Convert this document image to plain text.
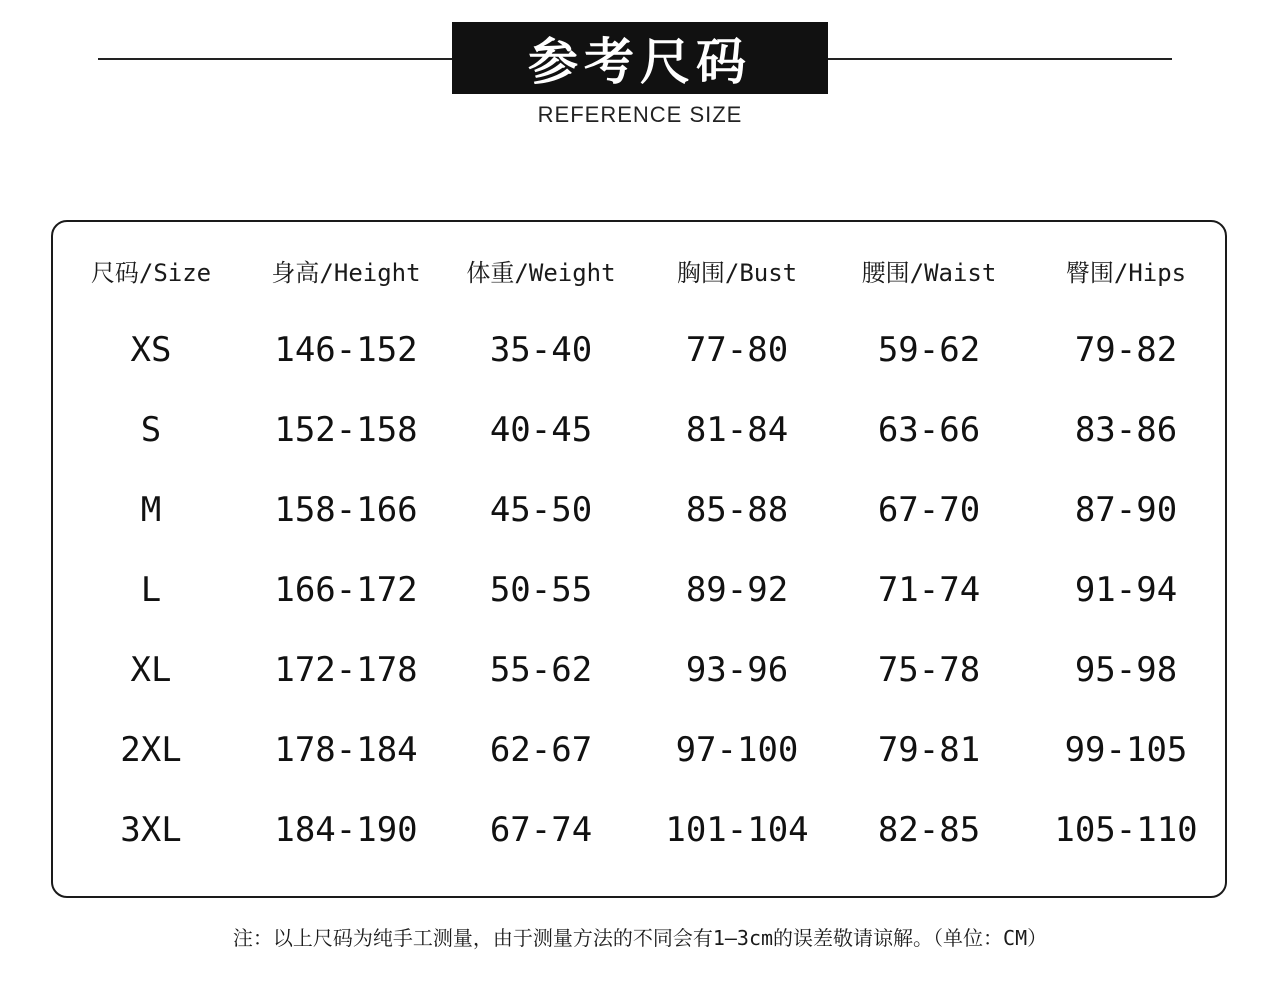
参考尺码
REFERENCE SIZE
尺码/Size	身高/Height	体重/Weight	胸围/Bust	腰围/Waist	臀围/Hips
XS	146-152	35-40	77-80	59-62	79-82
S	152-158	40-45	81-84	63-66	83-86
M	158-166	45-50	85-88	67-70	87-90
L	166-172	50-55	89-92	71-74	91-94
XL	172-178	55-62	93-96	75-78	95-98
2XL	178-184	62-67	97-100	79-81	99-105
3XL	184-190	67-74	101-104	82-85	105-110
注：以上尺码为纯手工测量，由于测量方法的不同会有1—3cm的误差敬请谅解。（单位：CM）
